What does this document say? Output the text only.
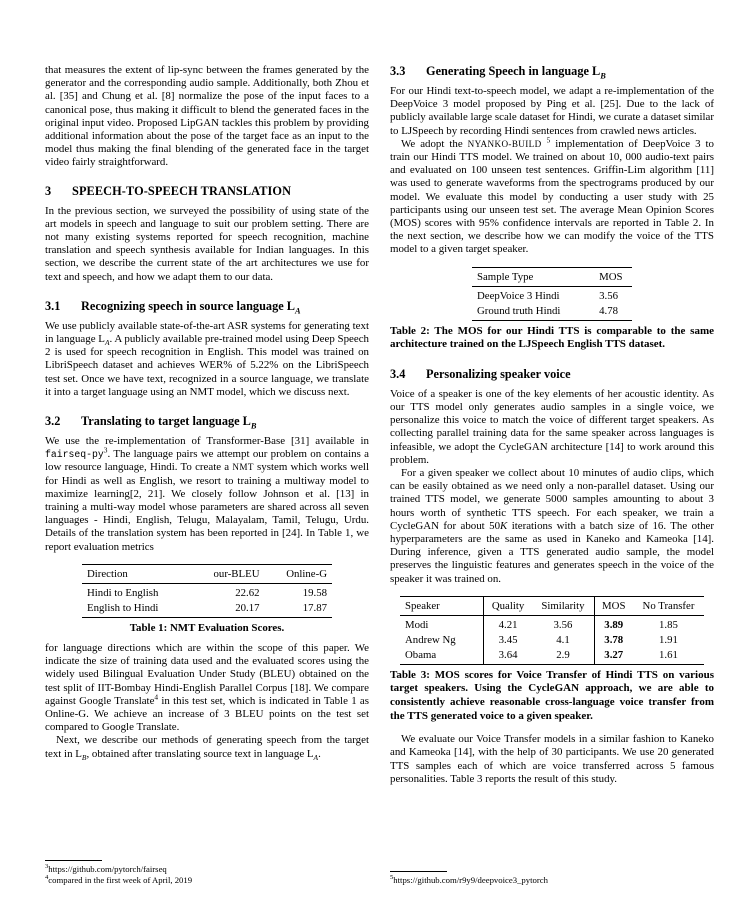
that measures the extent of lip-sync between the frames generated by the generator and the corresponding audio sample. Additionally, both Zhou et al. [35] and Chung et al. [8] normalize the pose of the input faces to a canonical pose, thus making it difficult to blend the generated faces in the original input video. Proposed LipGAN tackles this problem by providing additional information about the pose of the target face as an input to the model thus making the final blending of the generated face in the target video fairly straightforward.

3 SPEECH-TO-SPEECH TRANSLATION

In the previous section, we surveyed the possibility of using state of the art models in speech and language to suit our problem setting. There are not many existing systems reported for speech recognition, machine translation and speech synthesis available for Indian languages. In this section, we describe the current state of the art architectures we use for text and speech, and how we adapt them to our data.

3.1 Recognizing speech in source language $L_A$

We use publicly available state-of-the-art ASR systems for generating text in language $L_A$. A publicly available pre-trained model using Deep Speech 2 is used for speech recognition in English. This model was trained on LibriSpeech dataset and achieves WER% of 5.22% on the LibriSpeech test set. Once we have text, recognized in a source language, we translate it into a target language using an NMT model, which we discuss next.

3.2 Translating to target language $L_B$

We use the re-implementation of Transformer-Base [31] available in fairseq-$py^3$. The language pairs we attempt our problem on contains a low resource language, Hindi. To create a NMT system which works well for Hindi as well as English, we resort to training a multiway model to maximize learning[2, 21]. We closely follow Johnson et al. [13] in training a multi-way model whose parameters are shared across all seven languages - Hindi, English, Telugu, Malayalam, Tamil, Telugu, Urdu. Details of the translation system has been reported in [24]. In Table 1, we report evaluation metrics

Direction	our-BLEU	Online-G
Hindi to English	22.62	19.58
English to Hindi	20.17	17.87

Table 1: NMT Evaluation Scores.

for language directions which are within the scope of this paper. We indicate the size of training data used and the evaluated scores using the widely used Bilingual Evaluation Under Study (BLEU) obtained on the test split of IIT-Bombay Hindi-English Parallel Corpus [18]. We compare against Google Translate$^4$ in this test set, which is indicated in Table 1 as Online-G. We achieve an increase of 3 BLEU points on the test set compared to Google Translate.

Next, we describe our methods of generating speech from the target text in $L_B$, obtained after translating source text in language $L_A$.

$^3$https://github.com/pytorch/fairseq

$^4$compared in the first week of April, 2019

3.3 Generating Speech in language $L_B$

For our Hindi text-to-speech model, we adapt a re-implementation of the DeepVoice 3 model proposed by Ping et al. [25]. Due to the lack of publicly available large scale dataset for Hindi, we curate a dataset similar to LJSpeech by recording Hindi sentences from crawled news articles.

We adopt the NYANKO-BUILD $^5$ implementation of DeepVoice 3 to train our Hindi TTS model. We trained on about 10, 000 audio-text pairs and evaluated on 100 unseen test sentences. Griffin-Lim algorithm [11] was used to generate waveforms from the spectrograms produced by our model. We evaluate this model by conducting a user study with 25 participants using our unseen test set. The average Mean Opinion Scores (MOS) scores with 95% confidence intervals are reported in Table 2. In the next section, we describe how we can modify the voice of the TTS model to a given target speaker.

Sample Type	MOS
DeepVoice 3 Hindi	3.56
Ground truth Hindi	4.78

Table 2: The MOS for our Hindi TTS is comparable to the same architecture trained on the LJSpeech English TTS dataset.

3.4 Personalizing speaker voice

Voice of a speaker is one of the key elements of her acoustic identity. As our TTS model only generates audio samples in a single voice, we personalize this voice to match the voice of different target speakers. As collecting parallel training data for the same speaker across languages is infeasible, we adopt the CycleGAN architecture [14] to work around this problem.

For a given speaker we collect about 10 minutes of audio clips, which can be easily obtained as we need only a non-parallel dataset. Using our trained TTS model, we generate 5000 samples amounting to about 3 hours worth of synthetic TTS speech. For each speaker, we train a CycleGAN for about 50K iterations with a batch size of 16. The other hyperparameters are the same as used in Kaneko and Kameoka [14]. During inference, given a TTS generated audio sample, the model preserves the linguistic features and generates speech in the voice of the speaker it was trained on.

Speaker	Quality	Similarity	MOS	No Transfer
Modi	4.21	3.56	3.89	1.85
Andrew Ng	3.45	4.1	3.78	1.91
Obama	3.64	2.9	3.27	1.61

Table 3: MOS scores for Voice Transfer of Hindi TTS on various target speakers. Using the CycleGAN approach, we are able to consistently achieve reasonable cross-language voice transfer from the TTS generated voice to a given speaker.

We evaluate our Voice Transfer models in a similar fashion to Kaneko and Kameoka [14], with the help of 30 participants. We use 20 generated TTS samples each of which are voice transferred across 5 famous personalities. Table 3 reports the result of this study.

$^5$https://github.com/r9y9/deepvoice3_pytorch
